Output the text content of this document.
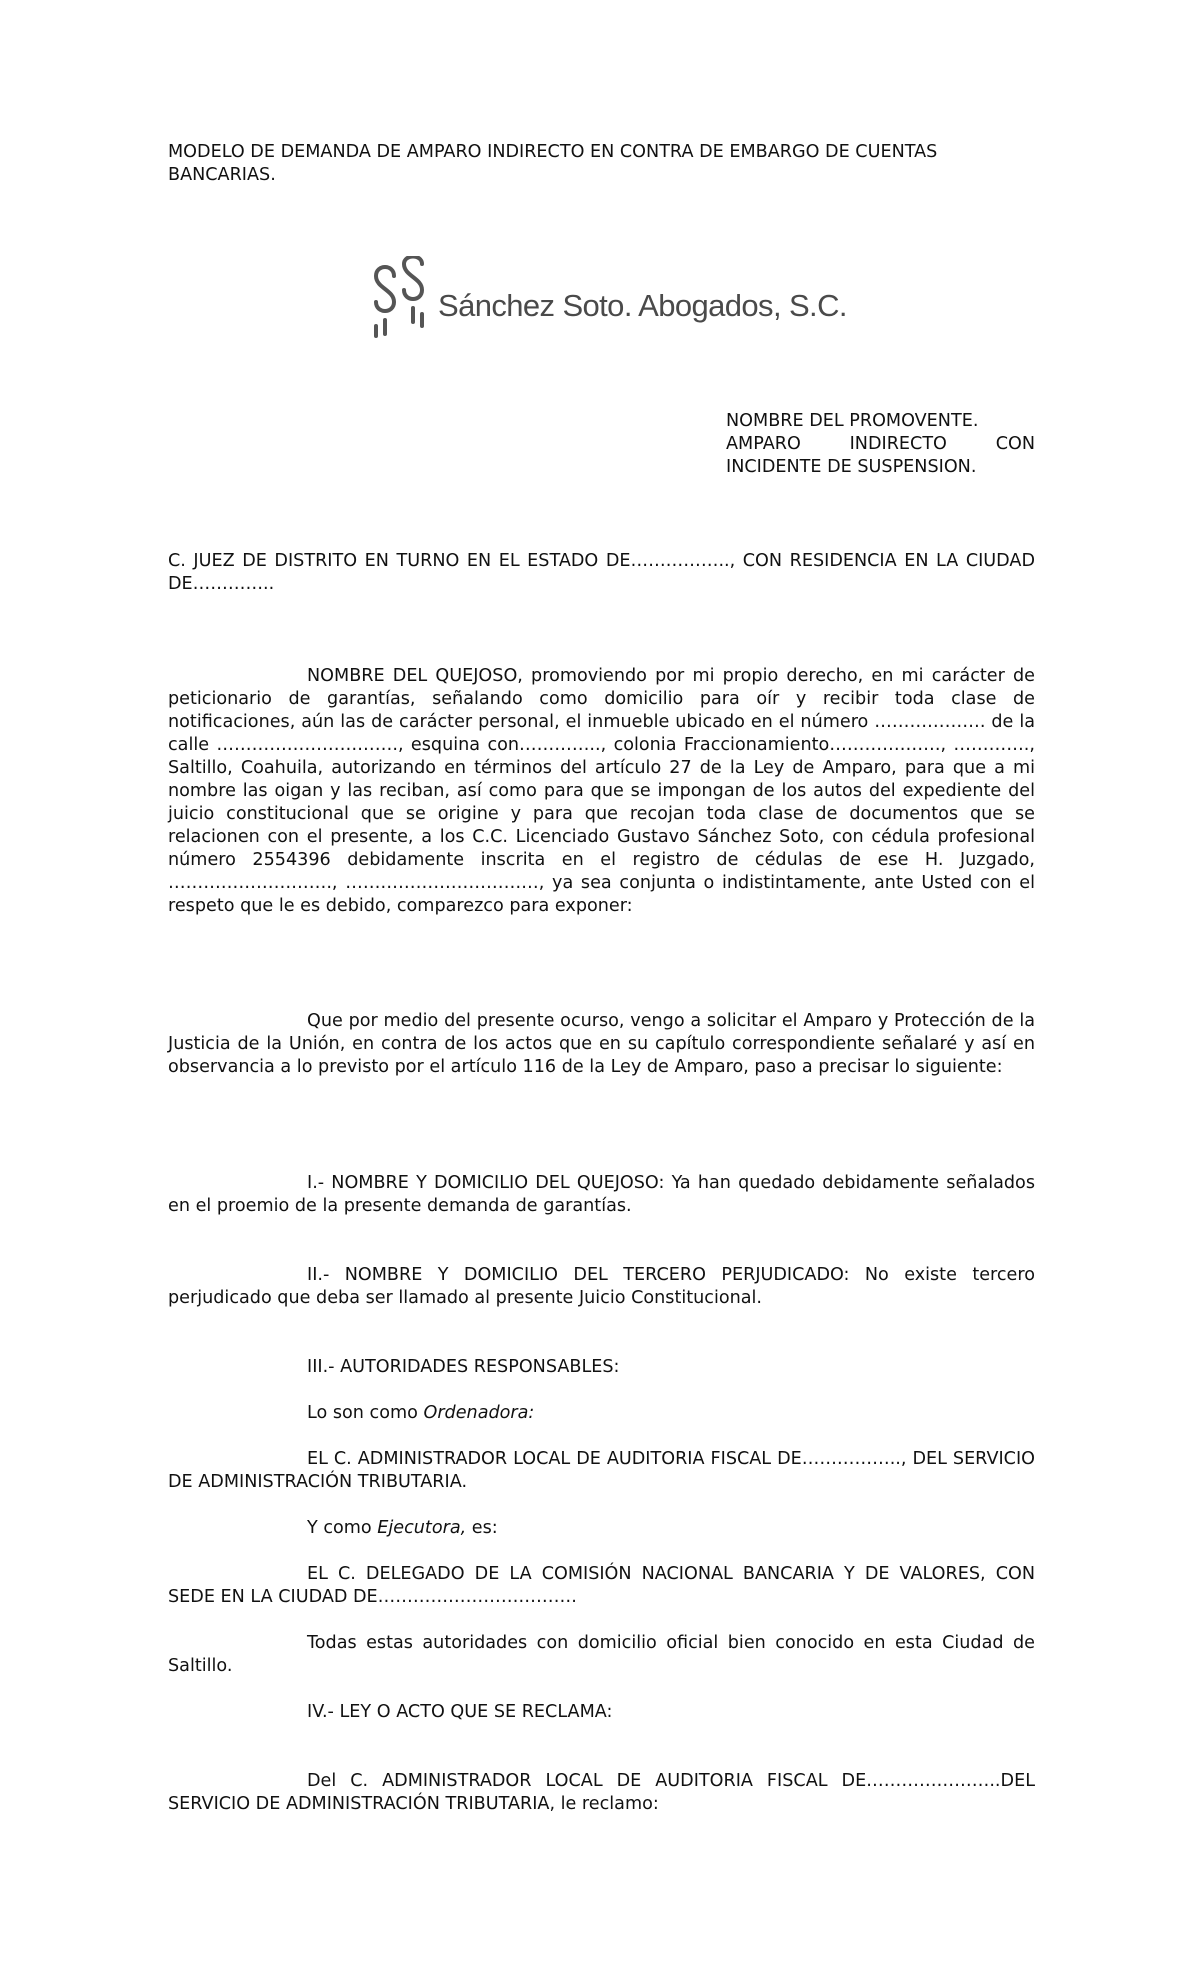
MODELO DE DEMANDA DE AMPARO INDIRECTO EN CONTRA DE EMBARGO DE CUENTAS BANCARIAS.

Sánchez Soto. Abogados, S.C.
NOMBRE DEL PROMOVENTE.
AMPARO INDIRECTO CON
INCIDENTE DE SUSPENSION.

C. JUEZ DE DISTRITO EN TURNO EN EL ESTADO DE…………….., CON RESIDENCIA EN LA CIUDAD DE…………..

NOMBRE DEL QUEJOSO, promoviendo por mi propio derecho, en mi carácter de peticionario de garantías, señalando como domicilio para oír y recibir toda clase de notificaciones, aún las de carácter personal, el inmueble ubicado en el número ………………. de la calle …………………………., esquina con………….., colonia Fraccionamiento………………., …………., Saltillo, Coahuila, autorizando en términos del artículo 27 de la Ley de Amparo, para que a mi nombre las oigan y las reciban, así como para que se impongan de los autos del expediente del juicio constitucional que se origine y para que recojan toda clase de documentos que se relacionen con el presente, a los C.C. Licenciado Gustavo Sánchez Soto, con cédula profesional número 2554396 debidamente inscrita en el registro de cédulas de ese H. Juzgado, ………………………., ……………………………, ya sea conjunta o indistintamente, ante Usted con el respeto que le es debido, comparezco para exponer:

Que por medio del presente ocurso, vengo a solicitar el Amparo y Protección de la Justicia de la Unión, en contra de los actos que en su capítulo correspondiente señalaré y así en observancia a lo previsto por el artículo 116 de la Ley de Amparo, paso a precisar lo siguiente:

I.- NOMBRE Y DOMICILIO DEL QUEJOSO: Ya han quedado debidamente señalados en el proemio de la presente demanda de garantías.

II.- NOMBRE Y DOMICILIO DEL TERCERO PERJUDICADO: No existe tercero perjudicado que deba ser llamado al presente Juicio Constitucional.

III.- AUTORIDADES RESPONSABLES:

Lo son como Ordenadora:

EL C. ADMINISTRADOR LOCAL DE AUDITORIA FISCAL DE…………….., DEL SERVICIO DE ADMINISTRACIÓN TRIBUTARIA.

Y como Ejecutora, es:

EL C. DELEGADO DE LA COMISIÓN NACIONAL BANCARIA Y DE VALORES, CON SEDE EN LA CIUDAD DE…………………………….

Todas estas autoridades con domicilio oficial bien conocido en esta Ciudad de Saltillo.

IV.- LEY O ACTO QUE SE RECLAMA:

Del C. ADMINISTRADOR LOCAL DE AUDITORIA FISCAL DE…………………..DEL SERVICIO DE ADMINISTRACIÓN TRIBUTARIA, le reclamo:
